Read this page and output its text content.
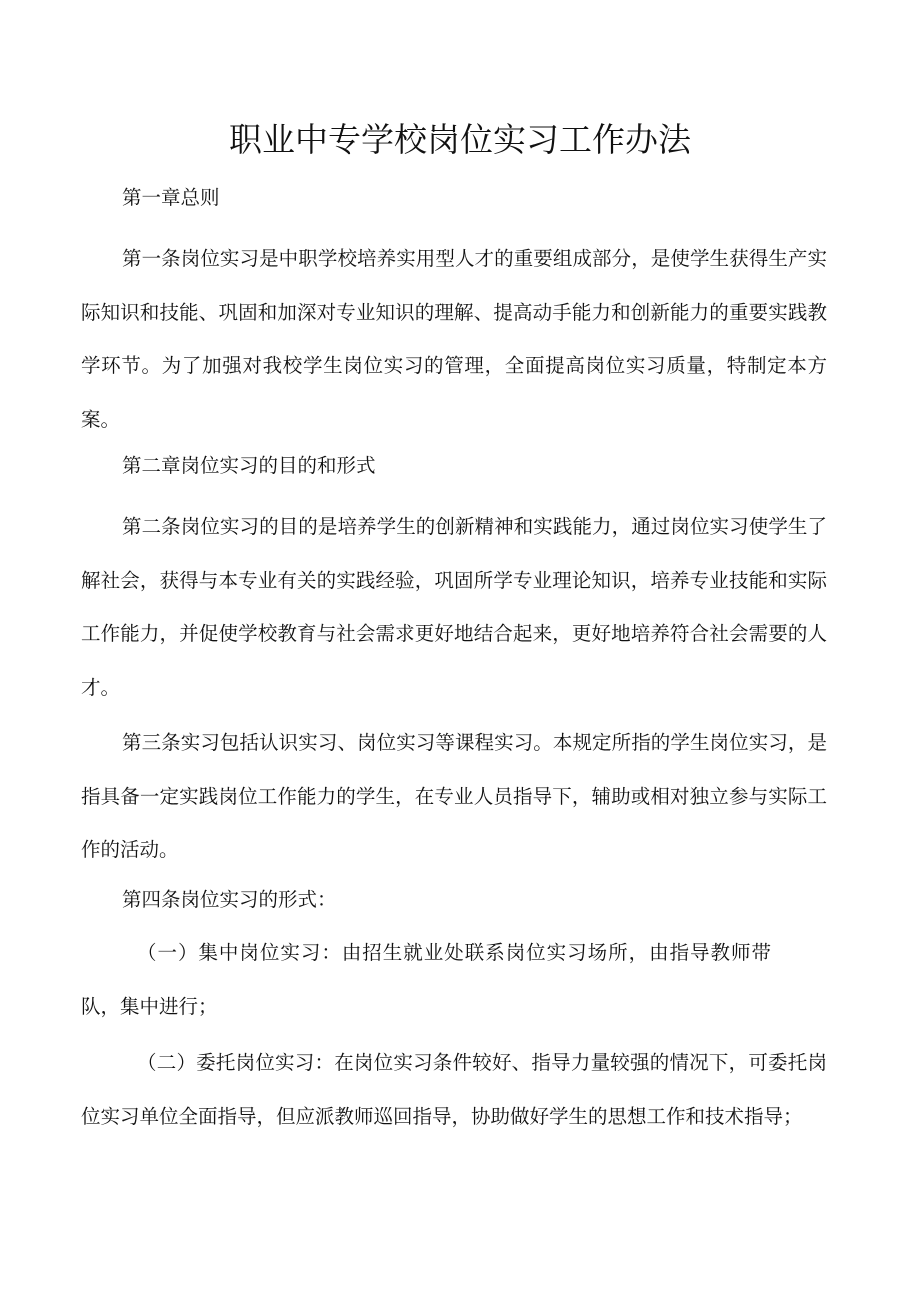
职业中专学校岗位实习工作办法

第一章总则

第一条岗位实习是中职学校培养实用型人才的重要组成部分，是使学生获得生产实际知识和技能、巩固和加深对专业知识的理解、提高动手能力和创新能力的重要实践教学环节。为了加强对我校学生岗位实习的管理，全面提高岗位实习质量，特制定本方案。

第二章岗位实习的目的和形式

第二条岗位实习的目的是培养学生的创新精神和实践能力，通过岗位实习使学生了解社会，获得与本专业有关的实践经验，巩固所学专业理论知识，培养专业技能和实际工作能力，并促使学校教育与社会需求更好地结合起来，更好地培养符合社会需要的人才。

第三条实习包括认识实习、岗位实习等课程实习。本规定所指的学生岗位实习，是指具备一定实践岗位工作能力的学生，在专业人员指导下，辅助或相对独立参与实际工作的活动。

第四条岗位实习的形式：

（一）集中岗位实习：由招生就业处联系岗位实习场所，由指导教师带队，集中进行；

（二）委托岗位实习：在岗位实习条件较好、指导力量较强的情况下，可委托岗位实习单位全面指导，但应派教师巡回指导，协助做好学生的思想工作和技术指导；
